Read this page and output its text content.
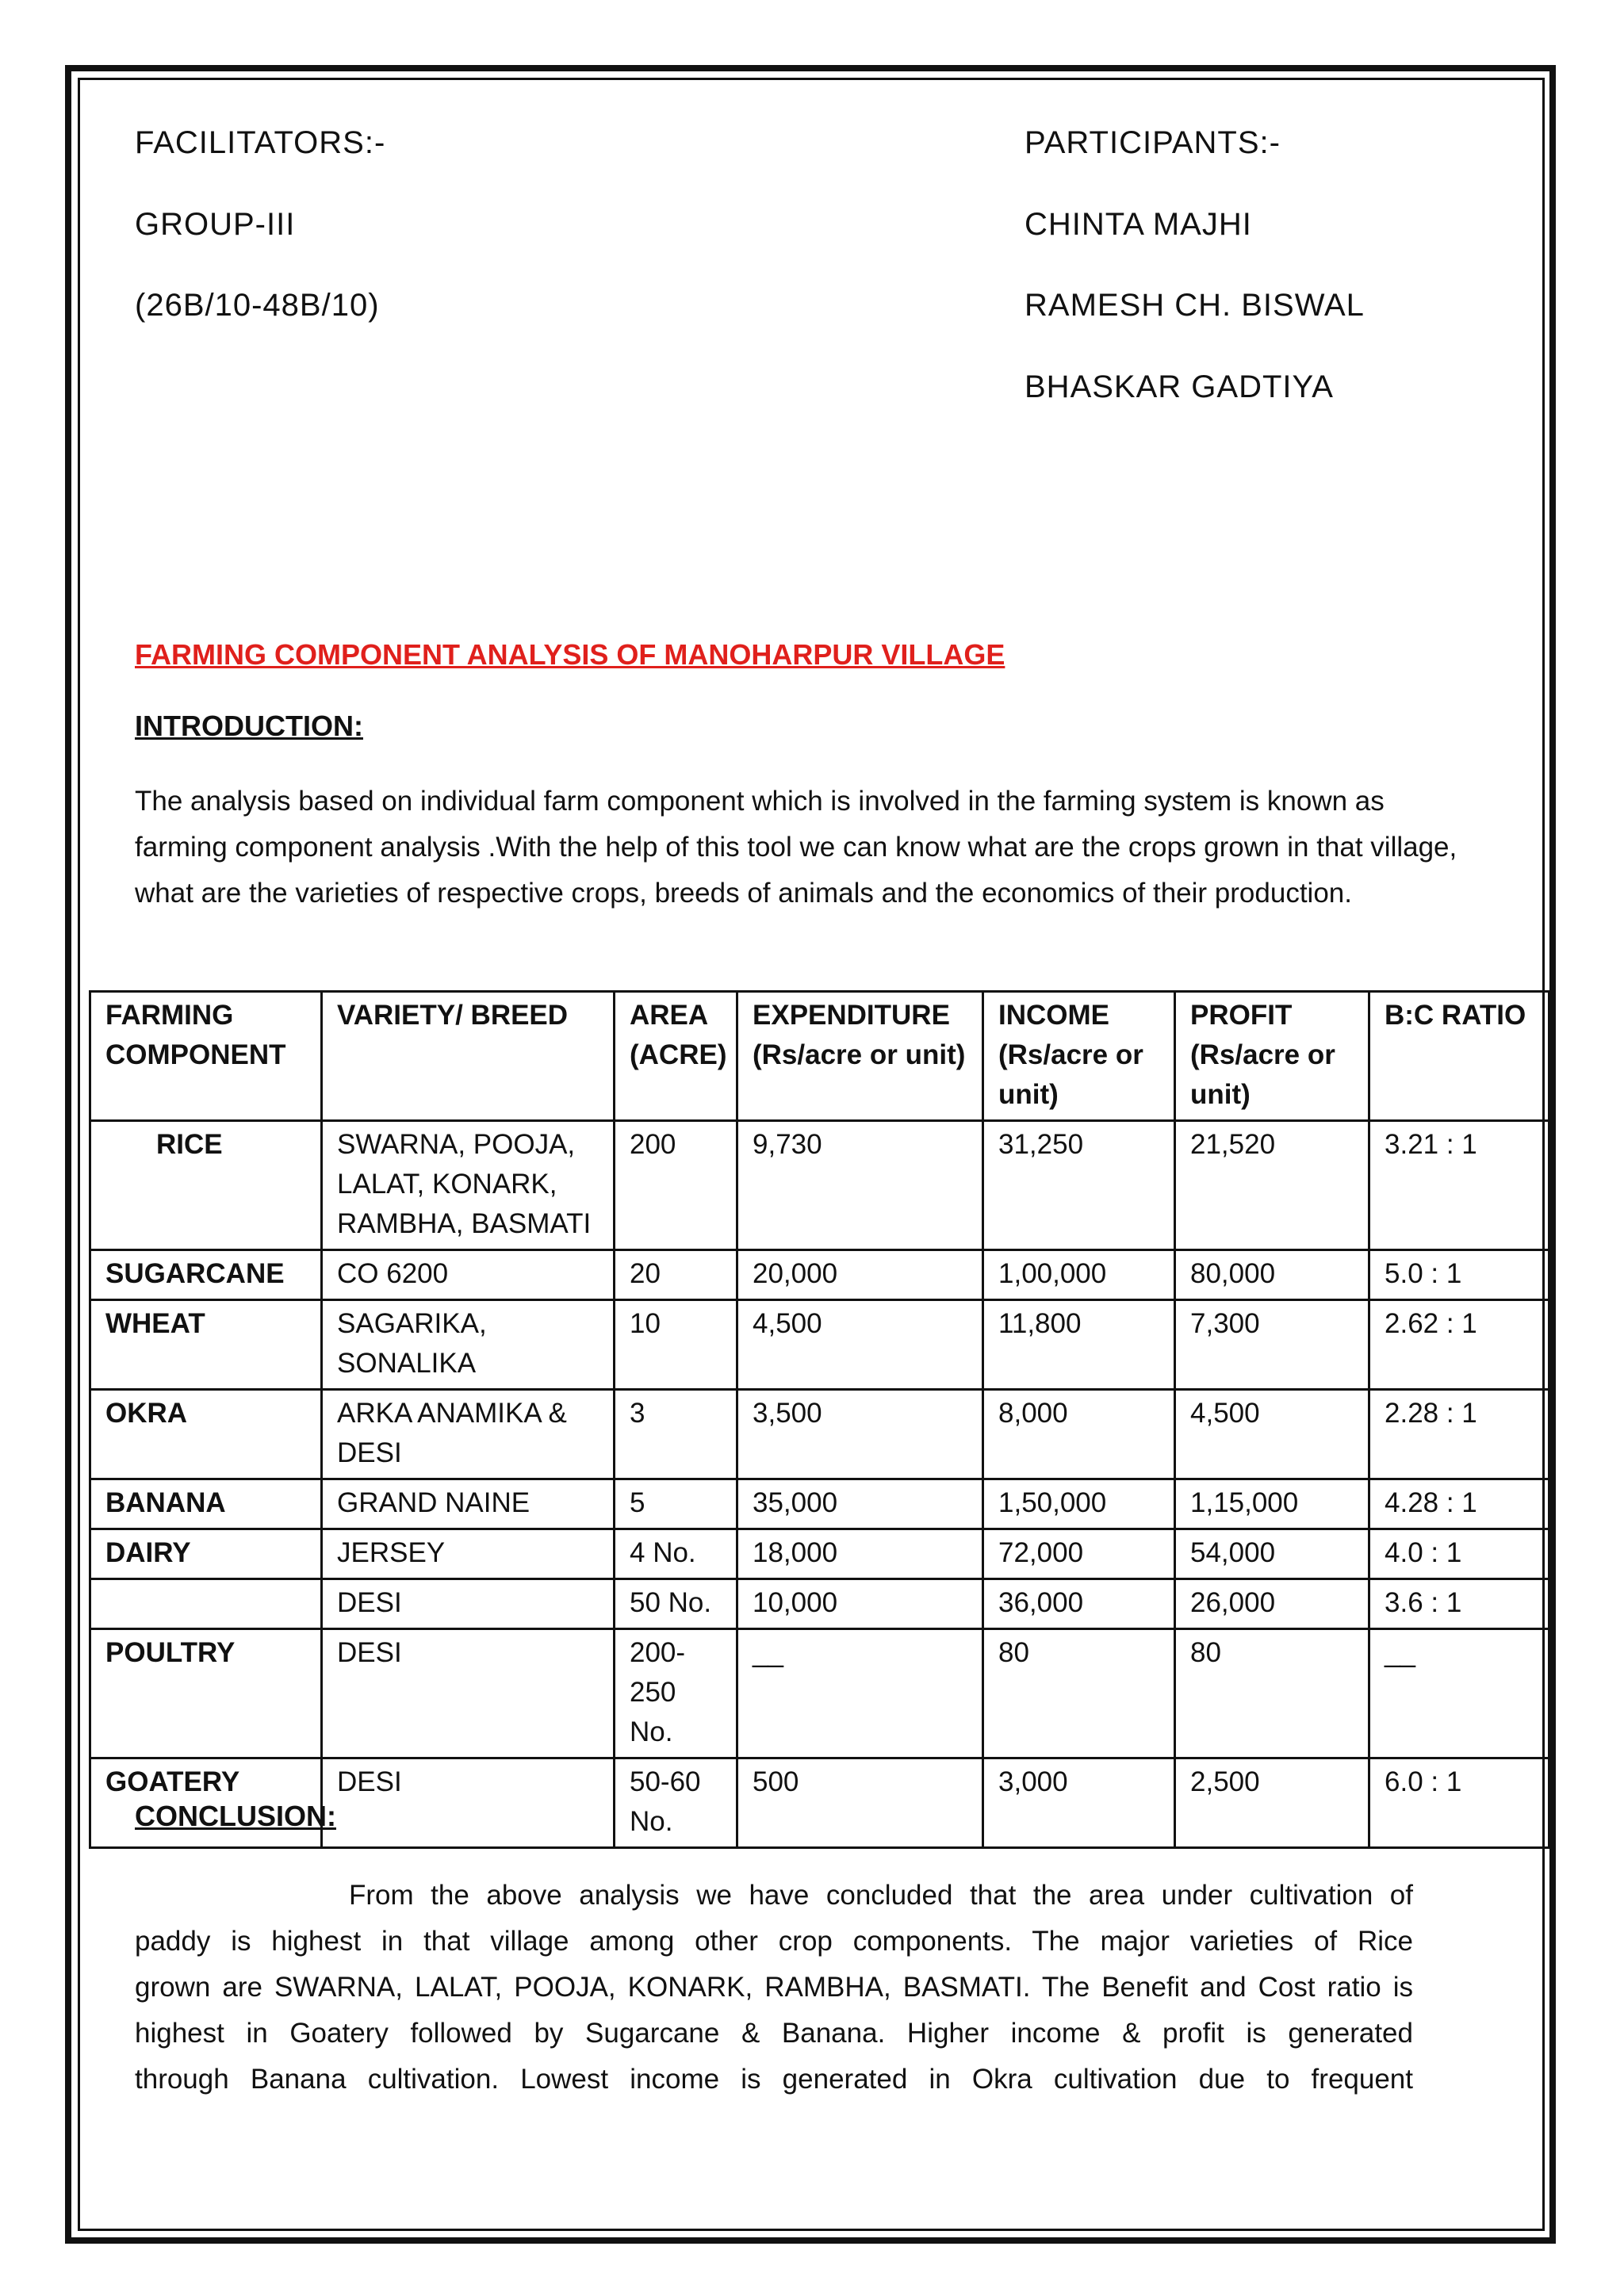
FACILITATORS:-
GROUP-III
(26B/10-48B/10)
PARTICIPANTS:-
CHINTA MAJHI
RAMESH CH. BISWAL
BHASKAR GADTIYA
FARMING COMPONENT ANALYSIS OF MANOHARPUR VILLAGE
INTRODUCTION:
The analysis based on individual farm component which is involved in the farming system is known as farming component analysis .With the help of this tool we can know what are the crops grown in that village, what are the varieties of respective crops, breeds of animals and the economics of their production.
FARMING COMPONENT	VARIETY/ BREED	AREA (ACRE)	EXPENDITURE (Rs/acre or unit)	INCOME (Rs/acre or unit)	PROFIT (Rs/acre or unit)	B:C RATIO
RICE	SWARNA, POOJA, LALAT, KONARK, RAMBHA, BASMATI	200	9,730	31,250	21,520	3.21 : 1
SUGARCANE	CO 6200	20	20,000	1,00,000	80,000	5.0 : 1
WHEAT	SAGARIKA, SONALIKA	10	4,500	11,800	7,300	2.62 : 1
OKRA	ARKA ANAMIKA & DESI	3	3,500	8,000	4,500	2.28 : 1
BANANA	GRAND NAINE	5	35,000	1,50,000	1,15,000	4.28 : 1
DAIRY	JERSEY	4 No.	18,000	72,000	54,000	4.0 : 1
	DESI	50 No.	10,000	36,000	26,000	3.6 : 1
POULTRY	DESI	200-250 No.	__	80	80	__
GOATERY	DESI	50-60 No.	500	3,000	2,500	6.0 : 1
CONCLUSION:
From the above analysis we have concluded that the area under cultivation of
paddy is highest in that village among other crop components. The major varieties of Rice
grown are SWARNA, LALAT, POOJA, KONARK, RAMBHA, BASMATI. The Benefit and Cost ratio is
highest in Goatery followed by Sugarcane & Banana. Higher income & profit is generated
through Banana cultivation. Lowest income is generated in Okra cultivation due to frequent
